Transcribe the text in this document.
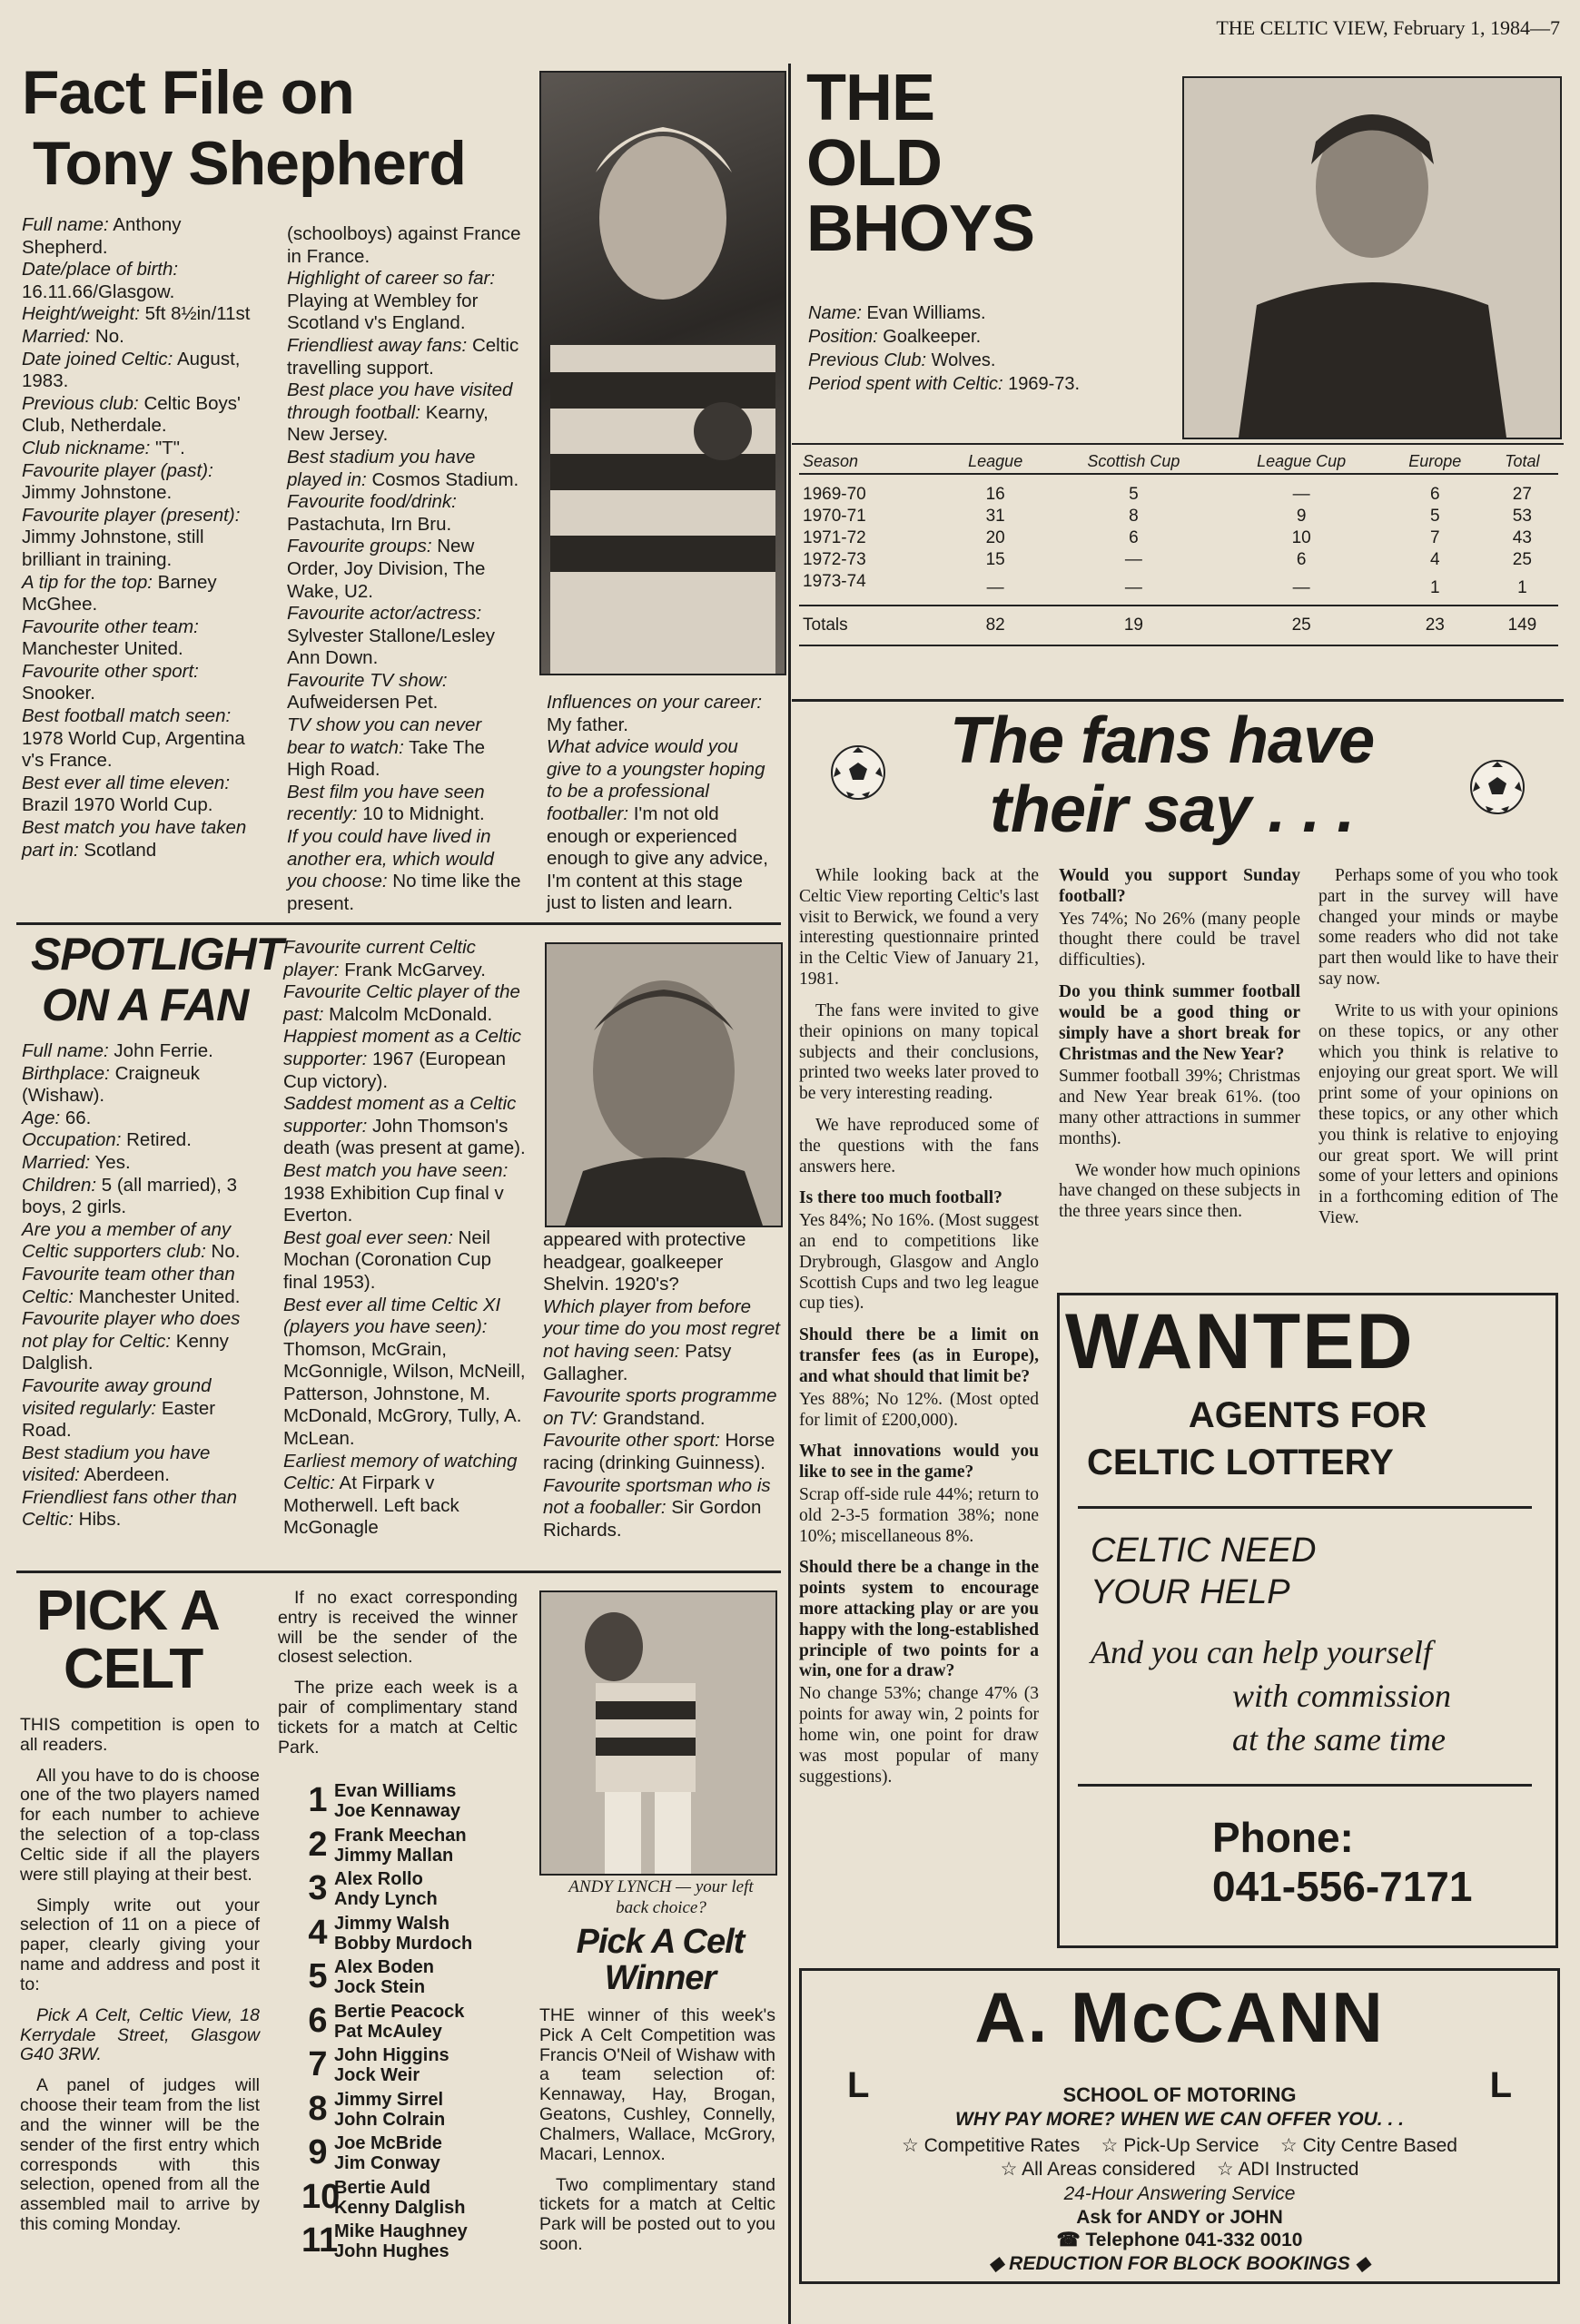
THE CELTIC VIEW, February 1, 1984—7
Fact File on
Tony Shepherd
Full name: Anthony Shepherd.
Date/place of birth: 16.11.66/Glasgow.
Height/weight: 5ft 8½in/11st
Married: No.
Date joined Celtic: August, 1983.
Previous club: Celtic Boys' Club, Netherdale.
Club nickname: "T".
Favourite player (past): Jimmy Johnstone.
Favourite player (present): Jimmy Johnstone, still brilliant in training.
A tip for the top: Barney McGhee.
Favourite other team: Manchester United.
Favourite other sport: Snooker.
Best football match seen: 1978 World Cup, Argentina v's France.
Best ever all time eleven: Brazil 1970 World Cup.
Best match you have taken part in: Scotland
(schoolboys) against France in France.
Highlight of career so far: Playing at Wembley for Scotland v's England.
Friendliest away fans: Celtic travelling support.
Best place you have visited through football: Kearny, New Jersey.
Best stadium you have played in: Cosmos Stadium.
Favourite food/drink: Pastachuta, Irn Bru.
Favourite groups: New Order, Joy Division, The Wake, U2.
Favourite actor/actress: Sylvester Stallone/Lesley Ann Down.
Favourite TV show: Aufweidersen Pet.
TV show you can never bear to watch: Take The High Road.
Best film you have seen recently: 10 to Midnight.
If you could have lived in another era, which would you choose: No time like the present.
Influences on your career: My father.
What advice would you give to a youngster hoping to be a professional footballer: I'm not old enough or experienced enough to give any advice, I'm content at this stage just to listen and learn.
THE
OLD
BHOYS
Name: Evan Williams.
Position: Goalkeeper.
Previous Club: Wolves.
Period spent with Celtic: 1969-73.
Season	League	Scottish Cup	League Cup	Europe	Total

1969-70	16	5	—	6	27
1970-71	31	8	9	5	53
1971-72	20	6	10	7	43
1972-73	15	—	6	4	25
1973-74	—	—	—	1	1
Totals	82	19	25	23	149
The fans have
their say . . .

While looking back at the Celtic View reporting Celtic's last visit to Berwick, we found a very interesting questionnaire printed in the Celtic View of January 21, 1981.

The fans were invited to give their opinions on many topical subjects and their conclusions, printed two weeks later proved to be very interesting reading.

We have reproduced some of the questions with the fans answers here.

Is there too much football?

Yes 84%; No 16%. (Most suggest an end to competitions like Drybrough, Glasgow and Anglo Scottish Cups and two leg league cup ties).

Should there be a limit on transfer fees (as in Europe), and what should that limit be?

Yes 88%; No 12%. (Most opted for limit of £200,000).

What innovations would you like to see in the game?

Scrap off-side rule 44%; return to old 2-3-5 formation 38%; none 10%; miscellaneous 8%.

Should there be a change in the points system to encourage more attacking play or are you happy with the long-established principle of two points for a win, one for a draw?

No change 53%; change 47% (3 points for away win, 2 points for home win, one point for draw was most popular of many suggestions).

Would you support Sunday football?

Yes 74%; No 26% (many people thought there could be travel difficulties).

Do you think summer football would be a good thing or simply have a short break for Christmas and the New Year?

Summer football 39%; Christmas and New Year break 61%. (too many other attractions in summer months).

We wonder how much opinions have changed on these subjects in the three years since then.

Perhaps some of you who took part in the survey will have changed your minds or maybe some readers who did not take part then would like to have their say now.

Write to us with your opinions on these topics, or any other which you think is relative to enjoying our great sport. We will print some of your opinions on these topics, or any other which you think is relative to enjoying our great sport. We will print some of your letters and opinions in a forthcoming edition of The View.

WANTED
AGENTS FOR
CELTIC LOTTERY
CELTIC NEED
YOUR HELP
And you can help yourself
with commission
at the same time
Phone:
041-556-7171
A. McCANN
L	L
SCHOOL OF MOTORING
WHY PAY MORE? WHEN WE CAN OFFER YOU. . .
☆ Competitive Rates    ☆ Pick-Up Service    ☆ City Centre Based
☆ All Areas considered    ☆ ADI Instructed
24-Hour Answering Service
Ask for ANDY or JOHN
☎ Telephone 041-332 0010
◆ REDUCTION FOR BLOCK BOOKINGS ◆
SPOTLIGHT
ON A FAN
Full name: John Ferrie.
Birthplace: Craigneuk (Wishaw).
Age: 66.
Occupation: Retired.
Married: Yes.
Children: 5 (all married), 3 boys, 2 girls.
Are you a member of any Celtic supporters club: No.
Favourite team other than Celtic: Manchester United.
Favourite player who does not play for Celtic: Kenny Dalglish.
Favourite away ground visited regularly: Easter Road.
Best stadium you have visited: Aberdeen.
Friendliest fans other than Celtic: Hibs.
Favourite current Celtic player: Frank McGarvey.
Favourite Celtic player of the past: Malcolm McDonald.
Happiest moment as a Celtic supporter: 1967 (European Cup victory).
Saddest moment as a Celtic supporter: John Thomson's death (was present at game).
Best match you have seen: 1938 Exhibition Cup final v Everton.
Best goal ever seen: Neil Mochan (Coronation Cup final 1953).
Best ever all time Celtic XI (players you have seen): Thomson, McGrain, McGonnigle, Wilson, McNeill, Patterson, Johnstone, M. McDonald, McGrory, Tully, A. McLean.
Earliest memory of watching Celtic: At Firpark v Motherwell. Left back McGonagle
appeared with protective headgear, goalkeeper Shelvin. 1920's?
Which player from before your time do you most regret not having seen: Patsy Gallagher.
Favourite sports programme on TV: Grandstand.
Favourite other sport: Horse racing (drinking Guinness).
Favourite sportsman who is not a fooballer: Sir Gordon Richards.
PICK A
CELT

THIS competition is open to all readers.

All you have to do is choose one of the two players named for each number to achieve the selection of a top-class Celtic side if all the players were still playing at their best.

Simply write out your selection of 11 on a piece of paper, clearly giving your name and address and post it to:

Pick A Celt, Celtic View, 18 Kerrydale Street, Glasgow G40 3RW.

A panel of judges will choose their team from the list and the winner will be the sender of the first entry which corresponds with this selection, opened from all the assembled mail to arrive by this coming Monday.

If no exact corresponding entry is received the winner will be the sender of the closest selection.

The prize each week is a pair of complimentary stand tickets for a match at Celtic Park.

1 Evan Williams
Joe Kennaway
2 Frank Meechan
Jimmy Mallan
3 Alex Rollo
Andy Lynch
4 Jimmy Walsh
Bobby Murdoch
5 Alex Boden
Jock Stein
6 Bertie Peacock
Pat McAuley
7 John Higgins
Jock Weir
8 Jimmy Sirrel
John Colrain
9 Joe McBride
Jim Conway
10
Bertie Auld
Kenny Dalglish
11
Mike Haughney
John Hughes
ANDY LYNCH — your left back choice?
Pick A Celt
Winner

THE winner of this week's Pick A Celt Competition was Francis O'Neil of Wishaw with a team selection of: Kennaway, Hay, Brogan, Geatons, Cushley, Connelly, Chalmers, Wallace, McGrory, Macari, Lennox.

Two complimentary stand tickets for a match at Celtic Park will be posted out to you soon.
